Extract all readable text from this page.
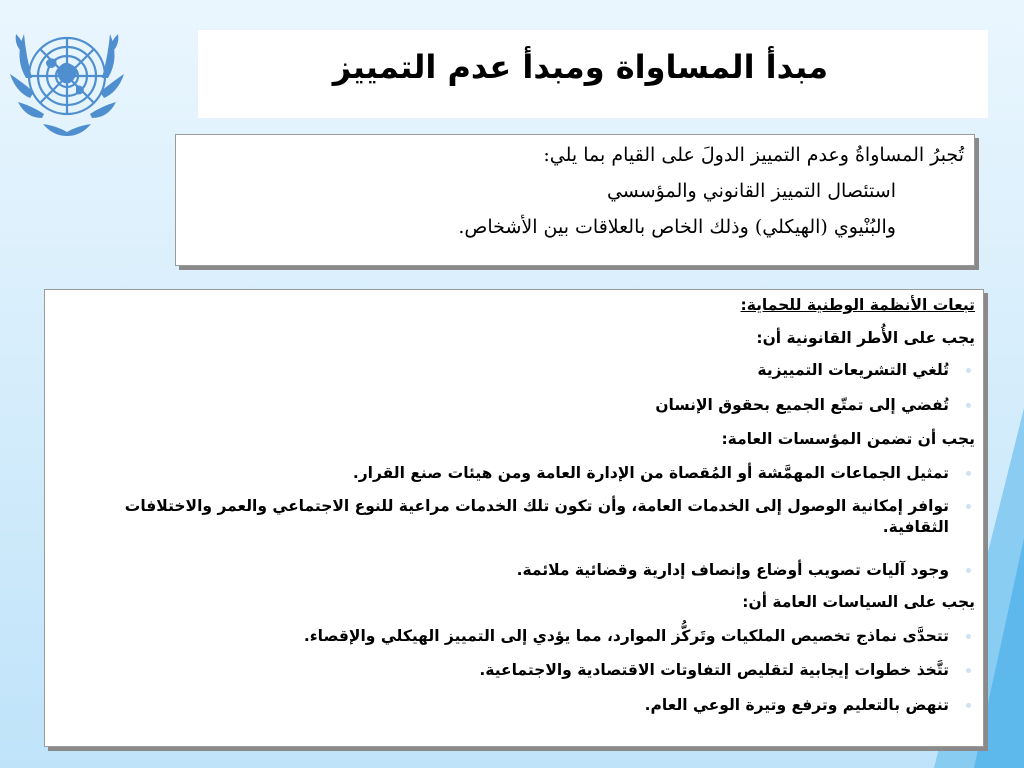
مبدأ المساواة ومبدأ عدم التمييز

تُجبرُ المساواةُ وعدم التمييز الدولَ على القيام بما يلي:

استئصال التمييز القانوني والمؤسسي

والبُنْيوي (الهيكلي) وذلك الخاص بالعلاقات بين الأشخاص.

تبعات الأنظمة الوطنية للحماية:
يجب على الأُطر القانونية أن:
تُلغي التشريعات التمييزية
تُفضي إلى تمتّع الجميع بحقوق الإنسان
يجب أن تضمن المؤسسات العامة:
تمثيل الجماعات المهمَّشة أو المُقصاة من الإدارة العامة ومن هيئات صنع القرار.
توافر إمكانية الوصول إلى الخدمات العامة، وأن تكون تلك الخدمات مراعية للنوع الاجتماعي والعمر والاختلافات الثقافية.
وجود آليات تصويب أوضاع وإنصاف إدارية وقضائية ملائمة.
يجب على السياسات العامة أن:
تتحدَّى نماذج تخصيص الملكيات وتَركُّز الموارد، مما يؤدي إلى التمييز الهيكلي والإقصاء.
تتَّخذ خطوات إيجابية لتقليص التفاوتات الاقتصادية والاجتماعية.
تنهض بالتعليم وترفع وتيرة الوعي العام.
